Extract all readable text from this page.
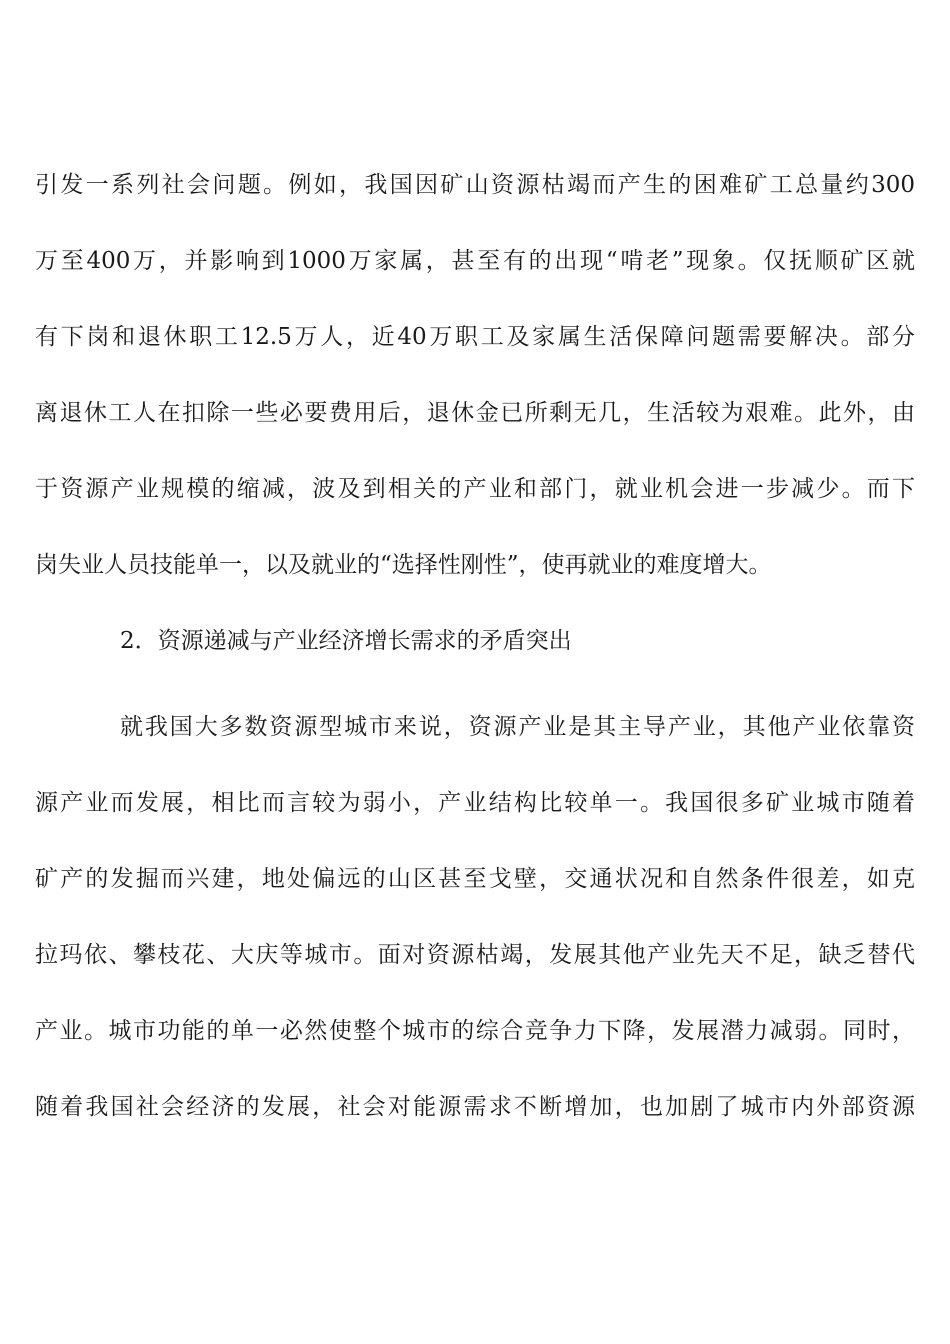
引发一系列社会问题。例如，我国因矿山资源枯竭而产生的困难矿工总量约300
万至400万，并影响到1000万家属，甚至有的出现“啃老”现象。仅抚顺矿区就
有下岗和退休职工12.5万人，近40万职工及家属生活保障问题需要解决。部分
离退休工人在扣除一些必要费用后，退休金已所剩无几，生活较为艰难。此外，由
于资源产业规模的缩减，波及到相关的产业和部门，就业机会进一步减少。而下
岗失业人员技能单一，以及就业的“选择性刚性”，使再就业的难度增大。
2．资源递减与产业经济增长需求的矛盾突出
就我国大多数资源型城市来说，资源产业是其主导产业，其他产业依靠资
源产业而发展，相比而言较为弱小，产业结构比较单一。我国很多矿业城市随着
矿产的发掘而兴建，地处偏远的山区甚至戈壁，交通状况和自然条件很差，如克
拉玛依、攀枝花、大庆等城市。面对资源枯竭，发展其他产业先天不足，缺乏替代
产业。城市功能的单一必然使整个城市的综合竞争力下降，发展潜力减弱。同时，
随着我国社会经济的发展，社会对能源需求不断增加，也加剧了城市内外部资源
